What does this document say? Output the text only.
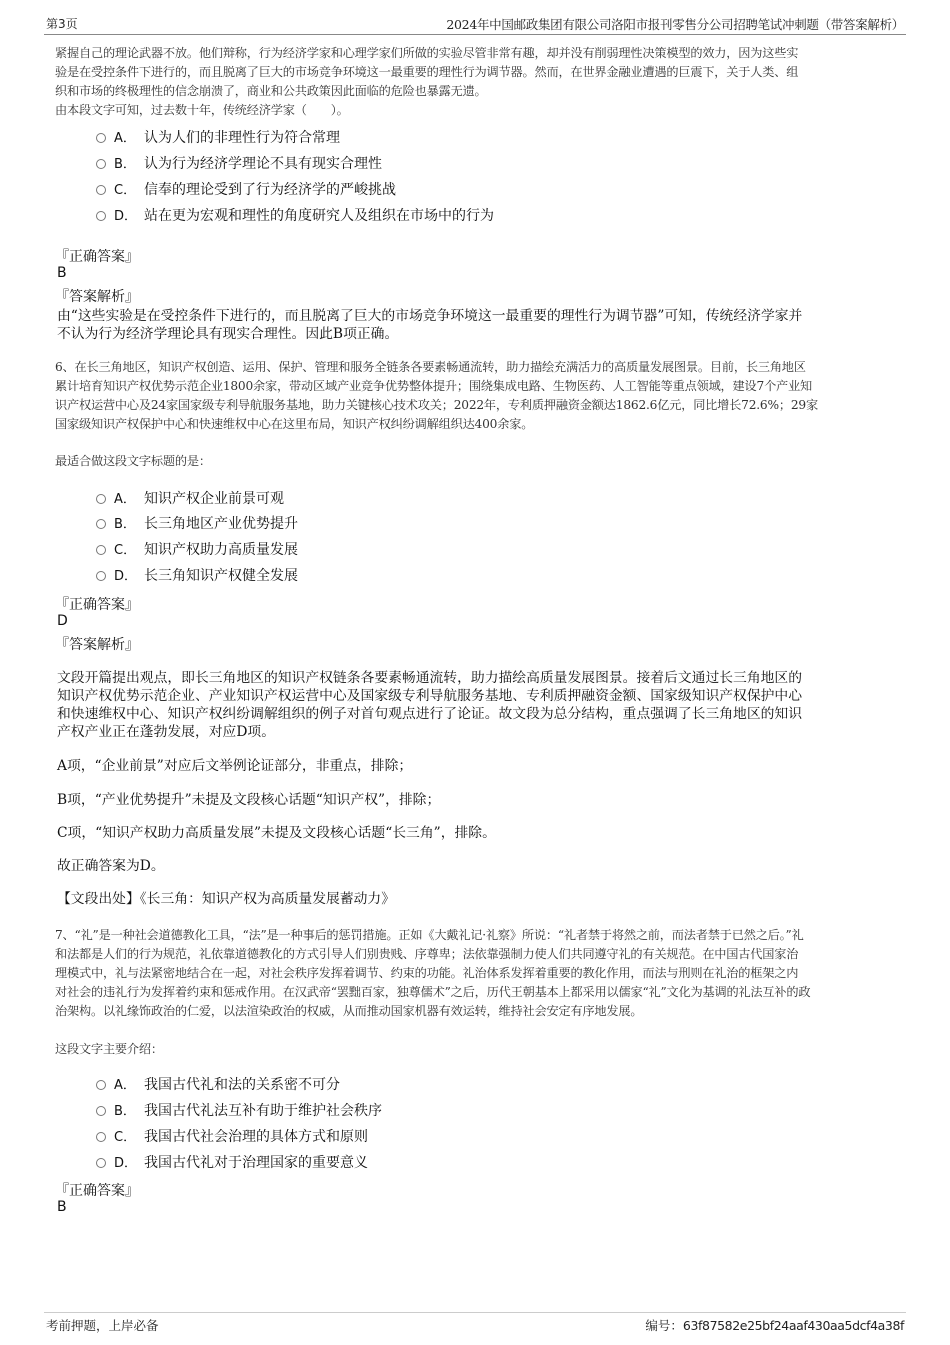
第3页	2024年中国邮政集团有限公司洛阳市报刊零售分公司招聘笔试冲刺题（带答案解析）
紧握自己的理论武器不放。他们辩称，行为经济学家和心理学家们所做的实验尽管非常有趣，却并没有削弱理性决策模型的效力，因为这些实
验是在受控条件下进行的，而且脱离了巨大的市场竞争环境这一最重要的理性行为调节器。然而，在世界金融业遭遇的巨震下，关于人类、组
织和市场的终极理性的信念崩溃了，商业和公共政策因此面临的危险也暴露无遗。
由本段文字可知，过去数十年，传统经济学家（　　）。
A． 认为人们的非理性行为符合常理
B． 认为行为经济学理论不具有现实合理性
C． 信奉的理论受到了行为经济学的严峻挑战
D． 站在更为宏观和理性的角度研究人及组织在市场中的行为
『正确答案』
B
『答案解析』
由“这些实验是在受控条件下进行的，而且脱离了巨大的市场竞争环境这一最重要的理性行为调节器”可知，传统经济学家并
不认为行为经济学理论具有现实合理性。因此B项正确。
6、在长三角地区，知识产权创造、运用、保护、管理和服务全链条各要素畅通流转，助力描绘充满活力的高质量发展图景。目前，长三角地区
累计培育知识产权优势示范企业1800余家，带动区域产业竞争优势整体提升；围绕集成电路、生物医药、人工智能等重点领域，建设7个产业知
识产权运营中心及24家国家级专利导航服务基地，助力关键核心技术攻关；2022年，专利质押融资金额达1862.6亿元，同比增长72.6%；29家
国家级知识产权保护中心和快速维权中心在这里布局，知识产权纠纷调解组织达400余家。
最适合做这段文字标题的是：
A． 知识产权企业前景可观
B． 长三角地区产业优势提升
C． 知识产权助力高质量发展
D． 长三角知识产权健全发展
『正确答案』
D
『答案解析』
文段开篇提出观点，即长三角地区的知识产权链条各要素畅通流转，助力描绘高质量发展图景。接着后文通过长三角地区的
知识产权优势示范企业、产业知识产权运营中心及国家级专利导航服务基地、专利质押融资金额、国家级知识产权保护中心
和快速维权中心、知识产权纠纷调解组织的例子对首句观点进行了论证。故文段为总分结构，重点强调了长三角地区的知识
产权产业正在蓬勃发展，对应D项。
A项，“企业前景”对应后文举例论证部分，非重点，排除；
B项，“产业优势提升”未提及文段核心话题“知识产权”，排除；
C项，“知识产权助力高质量发展”未提及文段核心话题“长三角”，排除。
故正确答案为D。
【文段出处】《长三角：知识产权为高质量发展蓄动力》
7、“礼”是一种社会道德教化工具，“法”是一种事后的惩罚措施。正如《大戴礼记·礼察》所说：“礼者禁于将然之前，而法者禁于已然之后。”礼
和法都是人们的行为规范，礼依靠道德教化的方式引导人们别贵贱、序尊卑；法依靠强制力使人们共同遵守礼的有关规范。在中国古代国家治
理模式中，礼与法紧密地结合在一起，对社会秩序发挥着调节、约束的功能。礼治体系发挥着重要的教化作用，而法与刑则在礼治的框架之内
对社会的违礼行为发挥着约束和惩戒作用。在汉武帝“罢黜百家，独尊儒术”之后，历代王朝基本上都采用以儒家“礼”文化为基调的礼法互补的政
治架构。以礼缘饰政治的仁爱，以法渲染政治的权威，从而推动国家机器有效运转，维持社会安定有序地发展。
这段文字主要介绍：
A． 我国古代礼和法的关系密不可分
B． 我国古代礼法互补有助于维护社会秩序
C． 我国古代社会治理的具体方式和原则
D． 我国古代礼对于治理国家的重要意义
『正确答案』
B
考前押题，上岸必备	编号：63f87582e25bf24aaf430aa5dcf4a38f
